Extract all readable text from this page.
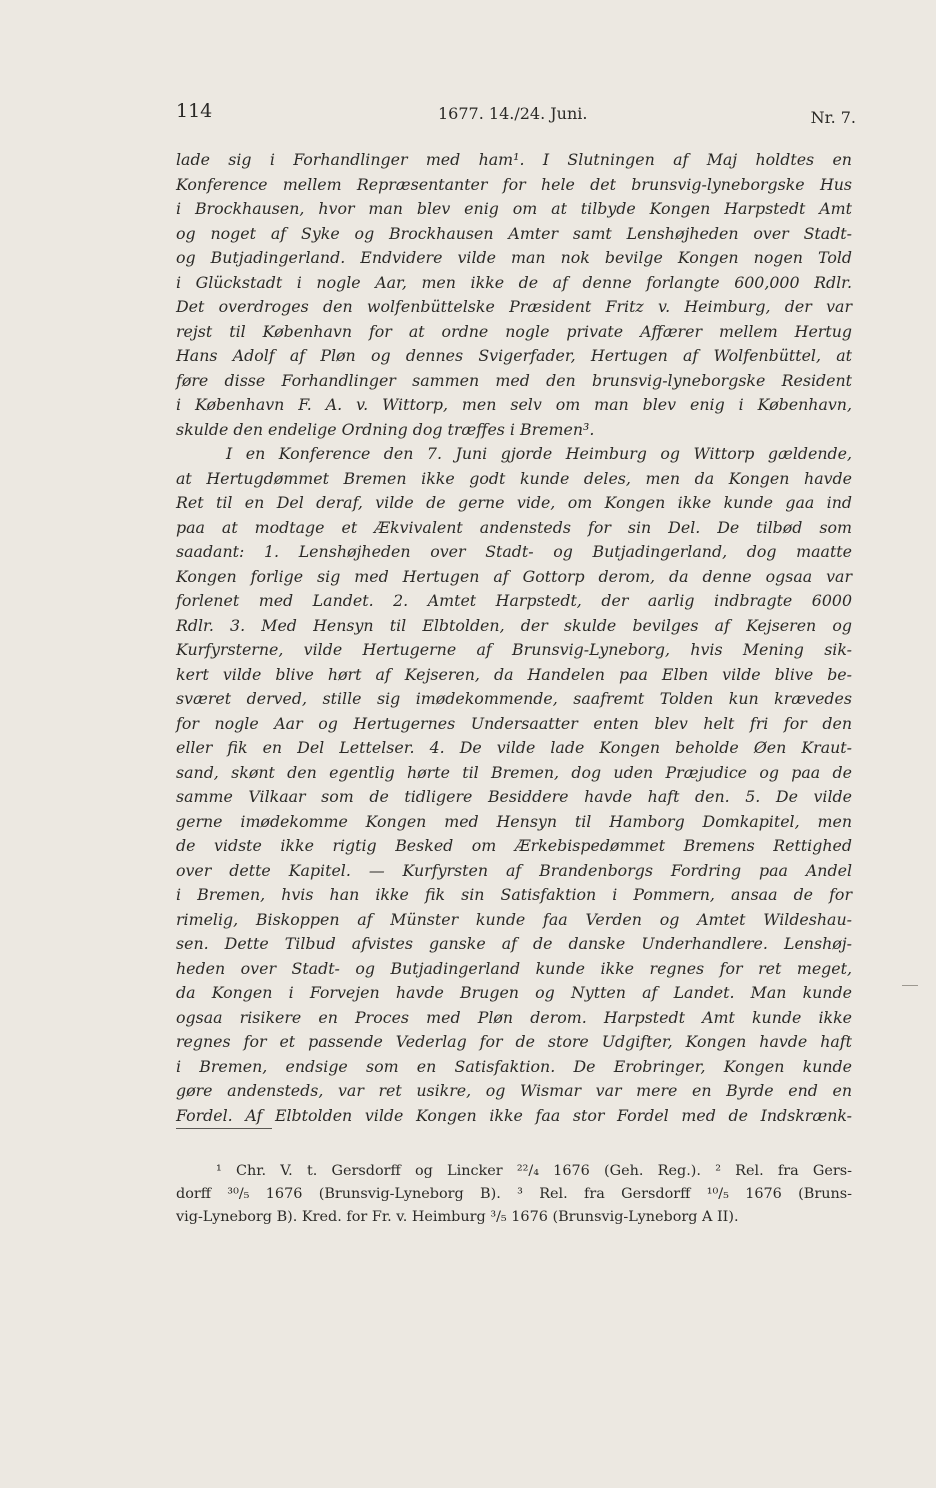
114	1677. 14./24. Juni.	Nr. 7.
lade sig i Forhandlinger med ham¹. I Slutningen af Maj holdtes en
Konference mellem Repræsentanter for hele det brunsvig-lyneborgske Hus
i Brockhausen, hvor man blev enig om at tilbyde Kongen Harpstedt Amt
og noget af Syke og Brockhausen Amter samt Lenshøjheden over Stadt-
og Butjadingerland. Endvidere vilde man nok bevilge Kongen nogen Told
i Glückstadt i nogle Aar, men ikke de af denne forlangte 600,000 Rdlr.
Det overdroges den wolfenbüttelske Præsident Fritz v. Heimburg, der var
rejst til København for at ordne nogle private Affærer mellem Hertug
Hans Adolf af Pløn og dennes Svigerfader, Hertugen af Wolfenbüttel, at
føre disse Forhandlinger sammen med den brunsvig-lyneborgske Resident
i København F. A. v. Wittorp, men selv om man blev enig i København,
skulde den endelige Ordning dog træffes i Bremen³.
I en Konference den 7. Juni gjorde Heimburg og Wittorp gældende,
at Hertugdømmet Bremen ikke godt kunde deles, men da Kongen havde
Ret til en Del deraf, vilde de gerne vide, om Kongen ikke kunde gaa ind
paa at modtage et Ækvivalent andensteds for sin Del. De tilbød som
saadant: 1. Lenshøjheden over Stadt- og Butjadingerland, dog maatte
Kongen forlige sig med Hertugen af Gottorp derom, da denne ogsaa var
forlenet med Landet. 2. Amtet Harpstedt, der aarlig indbragte 6000
Rdlr. 3. Med Hensyn til Elbtolden, der skulde bevilges af Kejseren og
Kurfyrsterne, vilde Hertugerne af Brunsvig-Lyneborg, hvis Mening sik-
kert vilde blive hørt af Kejseren, da Handelen paa Elben vilde blive be-
sværet derved, stille sig imødekommende, saafremt Tolden kun krævedes
for nogle Aar og Hertugernes Undersaatter enten blev helt fri for den
eller fik en Del Lettelser. 4. De vilde lade Kongen beholde Øen Kraut-
sand, skønt den egentlig hørte til Bremen, dog uden Præjudice og paa de
samme Vilkaar som de tidligere Besiddere havde haft den. 5. De vilde
gerne imødekomme Kongen med Hensyn til Hamborg Domkapitel, men
de vidste ikke rigtig Besked om Ærkebispedømmet Bremens Rettighed
over dette Kapitel. — Kurfyrsten af Brandenborgs Fordring paa Andel
i Bremen, hvis han ikke fik sin Satisfaktion i Pommern, ansaa de for
rimelig, Biskoppen af Münster kunde faa Verden og Amtet Wildeshau-
sen. Dette Tilbud afvistes ganske af de danske Underhandlere. Lenshøj-
heden over Stadt- og Butjadingerland kunde ikke regnes for ret meget,
da Kongen i Forvejen havde Brugen og Nytten af Landet. Man kunde
ogsaa risikere en Proces med Pløn derom. Harpstedt Amt kunde ikke
regnes for et passende Vederlag for de store Udgifter, Kongen havde haft
i Bremen, endsige som en Satisfaktion. De Erobringer, Kongen kunde
gøre andensteds, var ret usikre, og Wismar var mere en Byrde end en
Fordel. Af Elbtolden vilde Kongen ikke faa stor Fordel med de Indskrænk-
¹ Chr. V. t. Gersdorff og Lincker ²²/₄ 1676 (Geh. Reg.). ² Rel. fra Gers-
dorff ³⁰/₅ 1676 (Brunsvig-Lyneborg B). ³ Rel. fra Gersdorff ¹⁰/₅ 1676 (Bruns-
vig-Lyneborg B). Kred. for Fr. v. Heimburg ³/₅ 1676 (Brunsvig-Lyneborg A II).
